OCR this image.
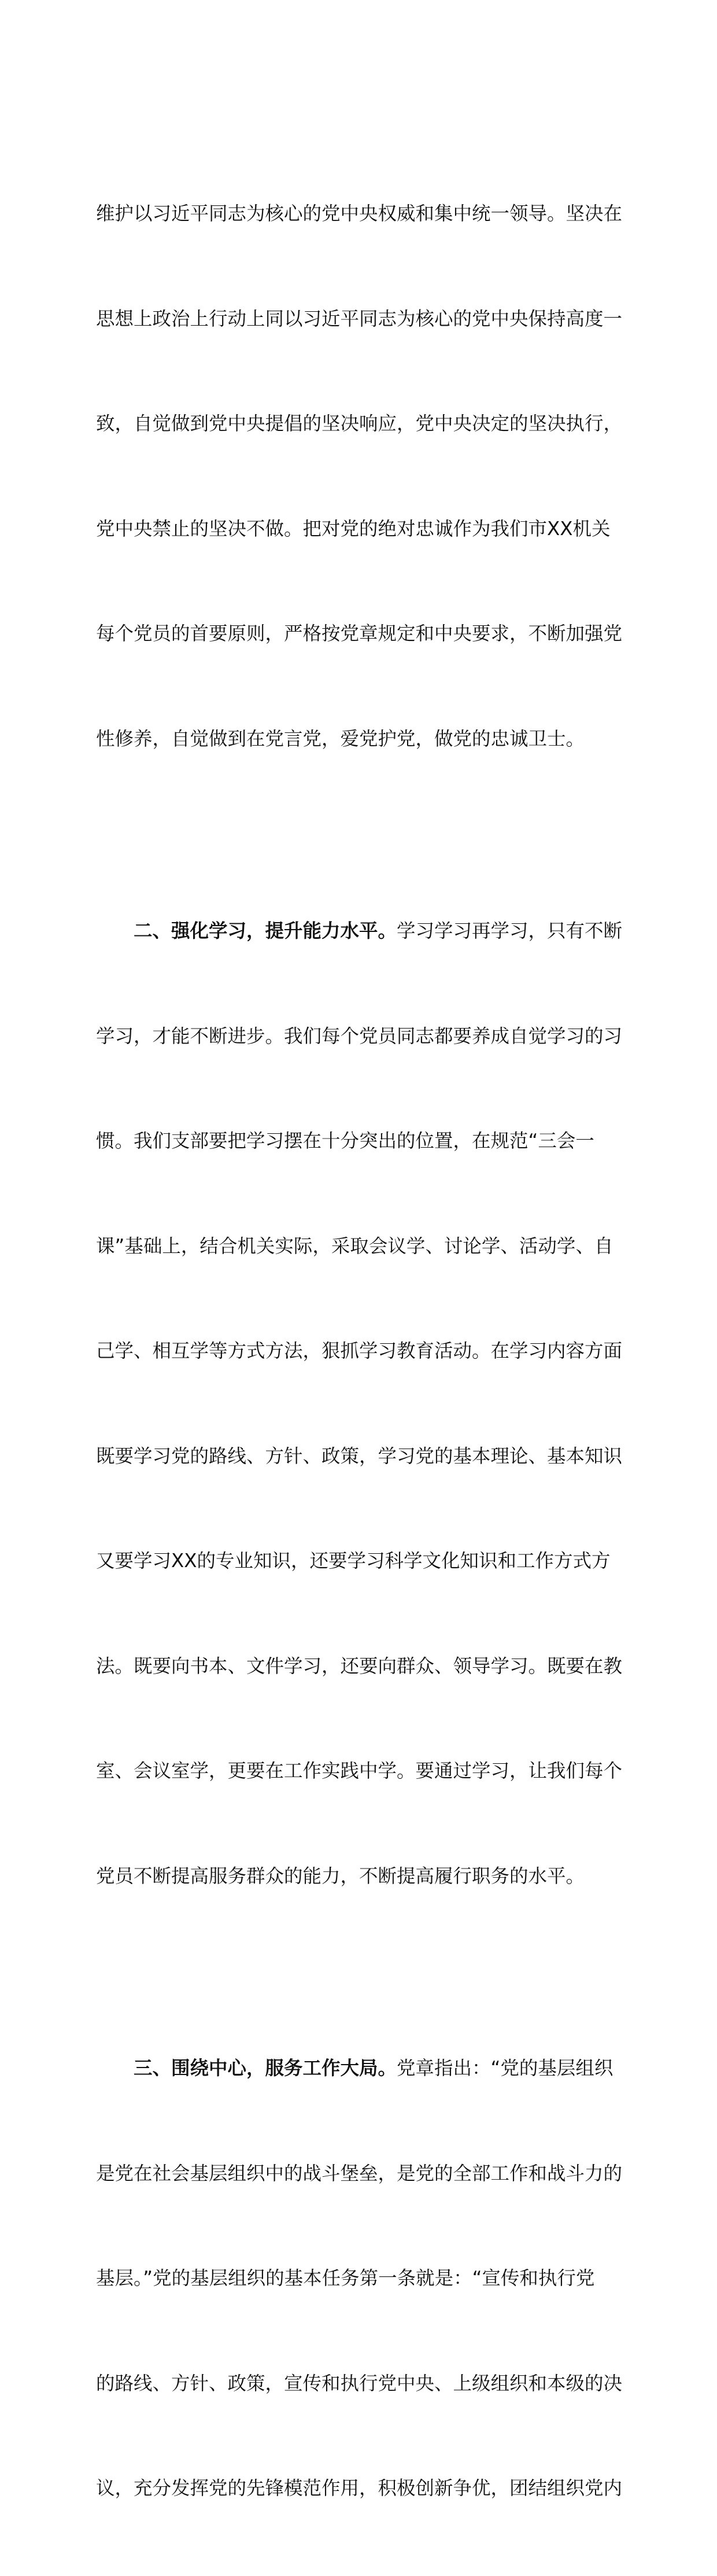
维护以习近平同志为核心的党中央权威和集中统一领导。坚决在

思想上政治上行动上同以习近平同志为核心的党中央保持高度一

致，自觉做到党中央提倡的坚决响应，党中央决定的坚决执行，

党中央禁止的坚决不做。把对党的绝对忠诚作为我们市XX机关

每个党员的首要原则，严格按党章规定和中央要求，不断加强党

性修养，自觉做到在党言党，爱党护党，做党的忠诚卫士。

　　二、强化学习，提升能力水平。学习学习再学习，只有不断

学习，才能不断进步。我们每个党员同志都要养成自觉学习的习

惯。我们支部要把学习摆在十分突出的位置，在规范“三会一

课”基础上，结合机关实际，采取会议学、讨论学、活动学、自

己学、相互学等方式方法，狠抓学习教育活动。在学习内容方面

既要学习党的路线、方针、政策，学习党的基本理论、基本知识

又要学习XX的专业知识，还要学习科学文化知识和工作方式方

法。既要向书本、文件学习，还要向群众、领导学习。既要在教

室、会议室学，更要在工作实践中学。要通过学习，让我们每个

党员不断提高服务群众的能力，不断提高履行职务的水平。

　　三、围绕中心，服务工作大局。党章指出：“党的基层组织

是党在社会基层组织中的战斗堡垒，是党的全部工作和战斗力的

基层。”党的基层组织的基本任务第一条就是：“宣传和执行党

的路线、方针、政策，宣传和执行党中央、上级组织和本级的决

议，充分发挥党的先锋模范作用，积极创新争优，团结组织党内
